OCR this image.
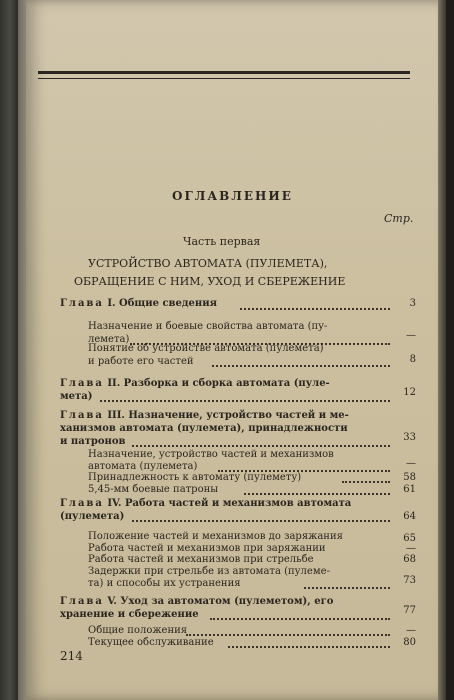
ОГЛАВЛЕНИЕ
Стр.
Часть первая
УСТРОЙСТВО АВТОМАТА (ПУЛЕМЕТА),
ОБРАЩЕНИЕ С НИМ, УХОД И СБЕРЕЖЕНИЕ
Глава I. Общие сведения	3
Назначение и боевые свойства автомата (пу-
лемета)	—
Понятие об устройстве автомата (пулемета)
и работе его частей	8
Глава II. Разборка и сборка автомата (пуле-
мета)	12
Глава III. Назначение, устройство частей и ме-
ханизмов автомата (пулемета), принадлежности
и патронов	33
Назначение, устройство частей и механизмов
автомата (пулемета)	—
Принадлежность к автомату (пулемету)	58
5,45-мм боевые патроны	61
Глава IV. Работа частей и механизмов автомата
(пулемета)	64
Положение частей и механизмов до заряжания	65
Работа частей и механизмов при заряжании	—
Работа частей и механизмов при стрельбе	68
Задержки при стрельбе из автомата (пулеме-
та) и способы их устранения	73
Глава V. Уход за автоматом (пулеметом), его
хранение и сбережение	77
Общие положения	—
Текущее обслуживание	80
214
